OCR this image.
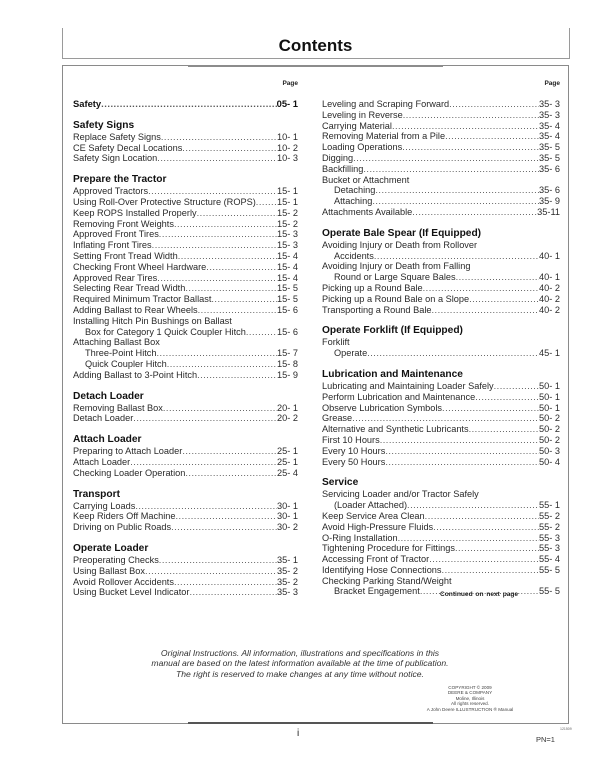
Contents
Page
Safety .....	05- 1
Safety Signs
Replace Safety Signs .....	10- 1
CE Safety Decal Locations .....	10- 2
Safety Sign Location .....	10- 3
Prepare the Tractor
Approved Tractors .....	15- 1
Using Roll-Over Protective Structure (ROPS) ..... 15- 1
Keep ROPS Installed Properly .....	15- 2
Removing Front Weights .....	15- 2
Approved Front Tires .....	15- 3
Inflating Front Tires .....	15- 3
Setting Front Tread Width .....	15- 4
Checking Front Wheel Hardware .....	15- 4
Approved Rear Tires .....	15- 4
Selecting Rear Tread Width .....	15- 5
Required Minimum Tractor Ballast .....	15- 5
Adding Ballast to Rear Wheels .....	15- 6
Installing Hitch Pin Bushings on Ballast
Box for Category 1 Quick Coupler Hitch .....	15- 6
Attaching Ballast Box
Three-Point Hitch .....	15- 7
Quick Coupler Hitch .....	15- 8
Adding Ballast to 3-Point Hitch .....	15- 9
Detach Loader
Removing Ballast Box .....	20- 1
Detach Loader .....	20- 2
Attach Loader
Preparing to Attach Loader .....	25- 1
Attach Loader .....	25- 1
Checking Loader Operation .....	25- 4
Transport
Carrying Loads .....	30- 1
Keep Riders Off Machine .....	30- 1
Driving on Public Roads .....	30- 2
Operate Loader
Preoperating Checks .....	35- 1
Using Ballast Box .....	35- 2
Avoid Rollover Accidents .....	35- 2
Using Bucket Level Indicator .....	35- 3
Page
Leveling and Scraping Forward .....	35- 3
Leveling in Reverse .....	35- 3
Carrying Material .....	35- 4
Removing Material from a Pile .....	35- 4
Loading Operations .....	35- 5
Digging .....	35- 5
Backfilling .....	35- 6
Bucket or Attachment
Detaching .....	35- 6
Attaching .....	35- 9
Attachments Available .....	35-11
Operate Bale Spear (If Equipped)
Avoiding Injury or Death from Rollover
Accidents .....	40- 1
Avoiding Injury or Death from Falling
Round or Large Square Bales .....	40- 1
Picking up a Round Bale .....	40- 2
Picking up a Round Bale on a Slope .....	40- 2
Transporting a Round Bale .....	40- 2
Operate Forklift (If Equipped)
Forklift
Operate .....	45- 1
Lubrication and Maintenance
Lubricating and Maintaining Loader Safely .....	50- 1
Perform Lubrication and Maintenance .....	50- 1
Observe Lubrication Symbols .....	50- 1
Grease .....	50- 2
Alternative and Synthetic Lubricants .....	50- 2
First 10 Hours .....	50- 2
Every 10 Hours .....	50- 3
Every 50 Hours .....	50- 4
Service
Servicing Loader and/or Tractor Safely
(Loader Attached) .....	55- 1
Keep Service Area Clean .....	55- 2
Avoid High-Pressure Fluids .....	55- 2
O-Ring Installation .....	55- 3
Tightening Procedure for Fittings .....	55- 3
Accessing Front of Tractor .....	55- 4
Identifying Hose Connections .....	55- 5
Checking Parking Stand/Weight
Bracket Engagement .....	55- 5
Continued on next page
Original Instructions. All information, illustrations and specifications in this
manual are based on the latest information available at the time of publication.
The right is reserved to make changes at any time without notice.
COPYRIGHT © 2009
DEERE & COMPANY
Moline, Illinois
All rights reserved.
A John Deere ILLUSTRUCTION ® Manual
i	121509
PN=1
